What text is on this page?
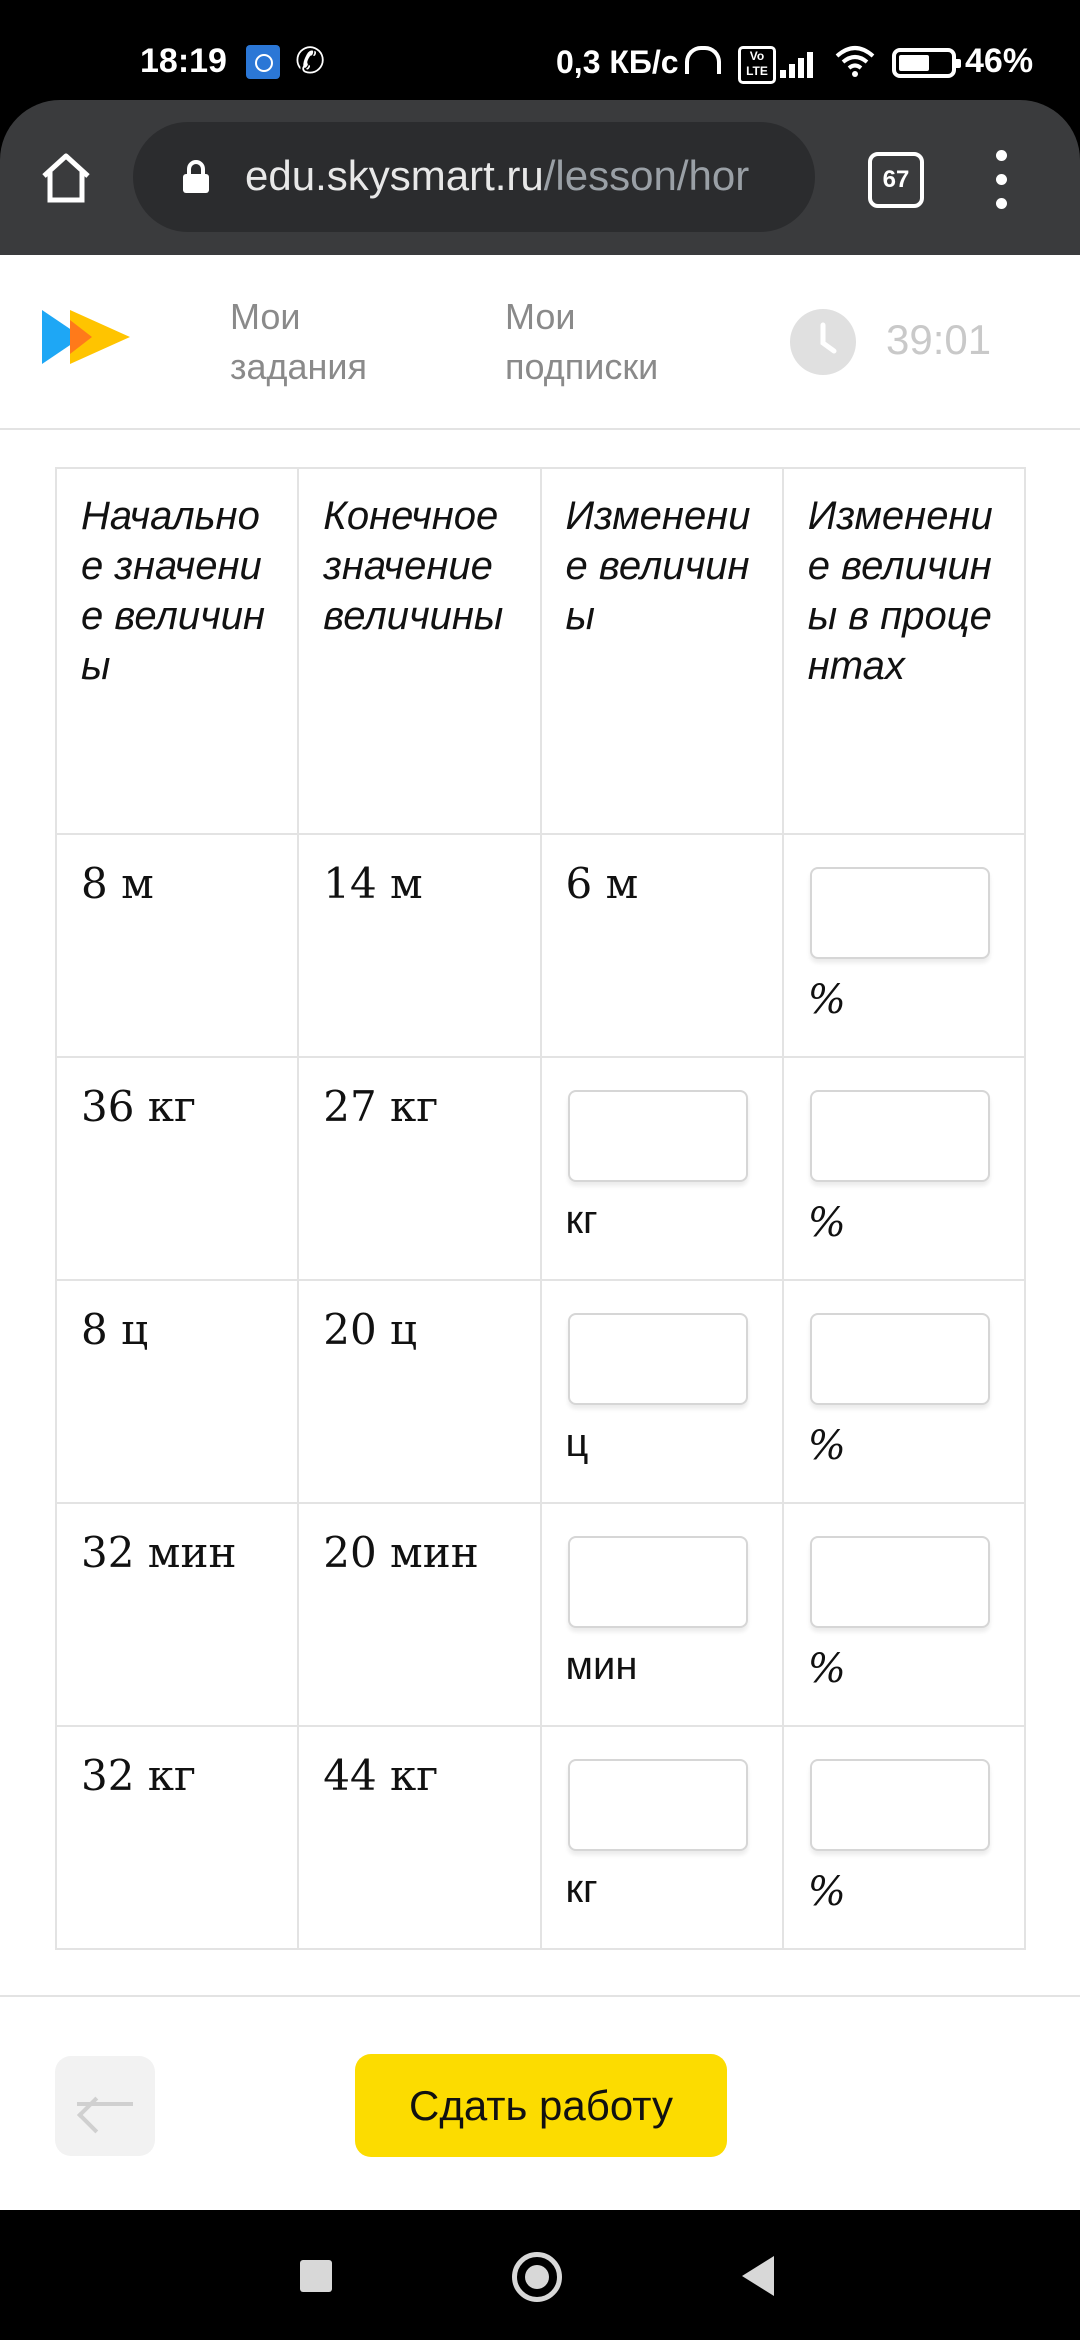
18:19 ✆	0,3 КБ/с	Vo LTE	46%
edu.skysmart.ru/lesson/hor	67
Мои
задания
Мои
подписки
39:01
Начальное значение величины	Конечное значение величины	Изменение величины	Изменение величины в процентах

8 м	14 м	6 м	%

36 кг	27 кг	кг	%

8 ц	20 ц	ц	%

32 мин	20 мин	мин	%

32 кг	44 кг	кг	%
Сдать работу
